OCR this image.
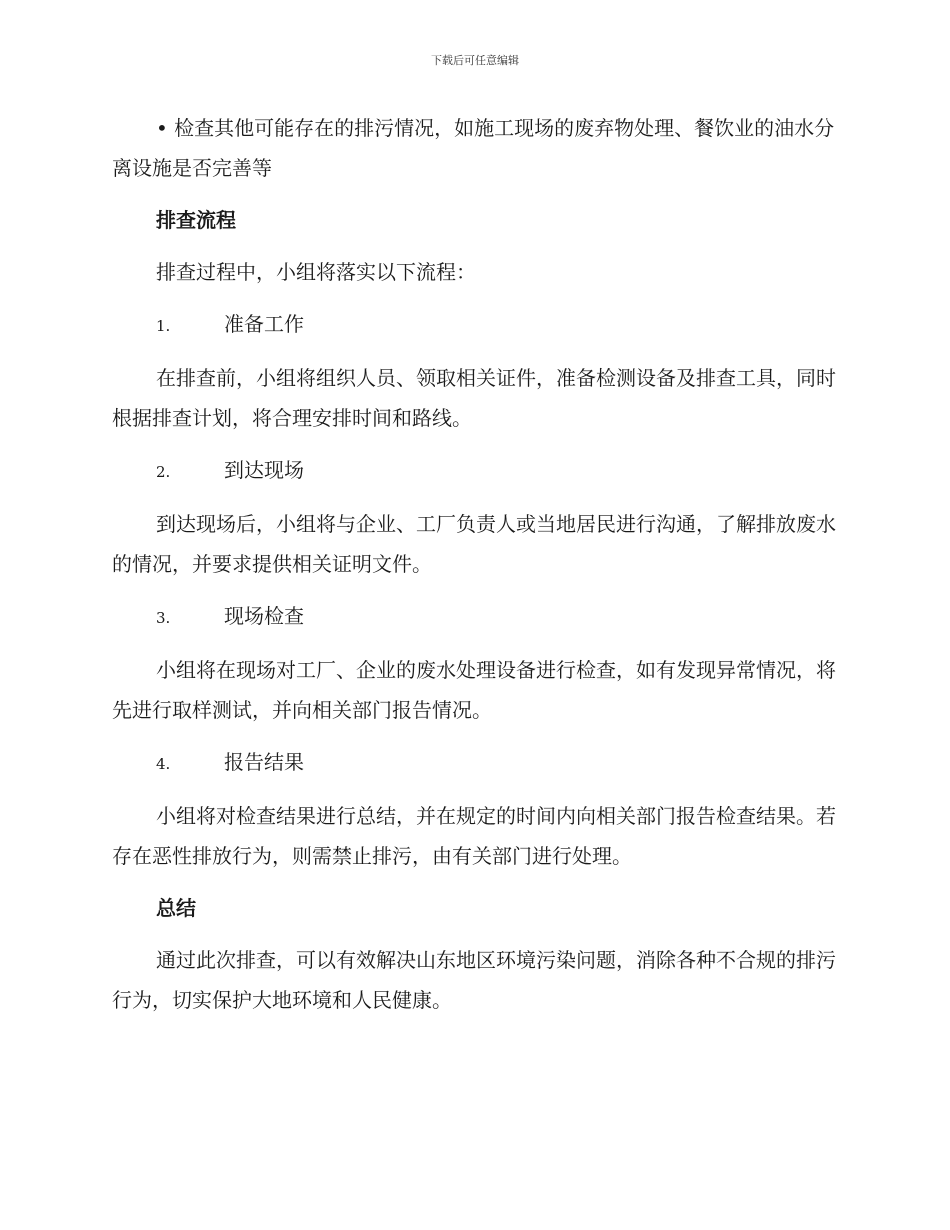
下载后可任意编辑

• 检查其他可能存在的排污情况，如施工现场的废弃物处理、餐饮业的油水分离设施是否完善等

排查流程

排查过程中，小组将落实以下流程：

1.	准备工作

在排查前，小组将组织人员、领取相关证件，准备检测设备及排查工具，同时根据排查计划，将合理安排时间和路线。

2.	到达现场

到达现场后，小组将与企业、工厂负责人或当地居民进行沟通，了解排放废水的情况，并要求提供相关证明文件。

3.	现场检查

小组将在现场对工厂、企业的废水处理设备进行检查，如有发现异常情况，将先进行取样测试，并向相关部门报告情况。

4.	报告结果

小组将对检查结果进行总结，并在规定的时间内向相关部门报告检查结果。若存在恶性排放行为，则需禁止排污，由有关部门进行处理。

总结

通过此次排查，可以有效解决山东地区环境污染问题，消除各种不合规的排污行为，切实保护大地环境和人民健康。
